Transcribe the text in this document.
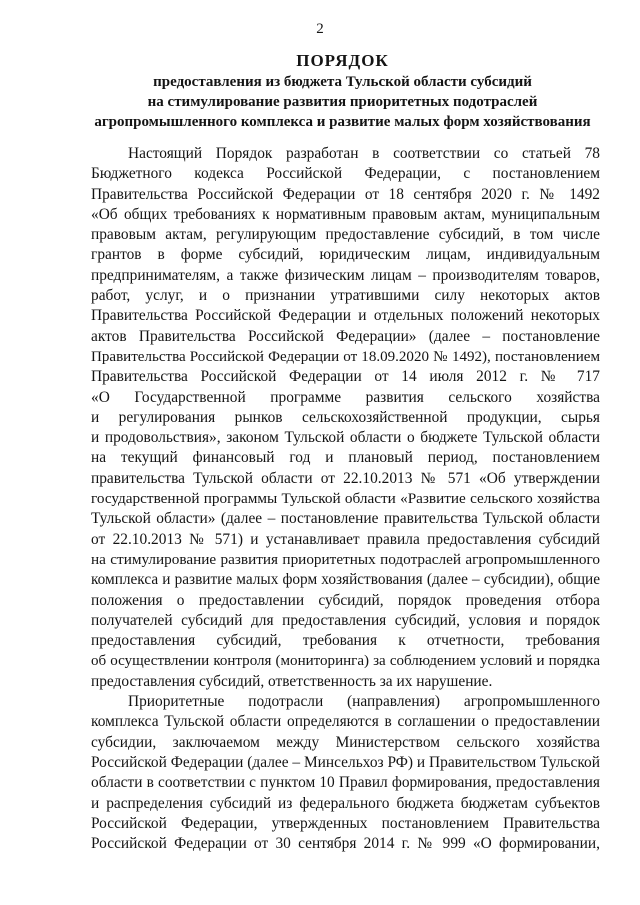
2
ПОРЯДОК
предоставления из бюджета Тульской области субсидий
на стимулирование развития приоритетных подотраслей
агропромышленного комплекса и развитие малых форм хозяйствования
Настоящий Порядок разработан в соответствии со статьей 78
Бюджетного кодекса Российской Федерации, с постановлением
Правительства Российской Федерации от 18 сентября 2020 г. № 1492
«Об общих требованиях к нормативным правовым актам, муниципальным
правовым актам, регулирующим предоставление субсидий, в том числе
грантов в форме субсидий, юридическим лицам, индивидуальным
предпринимателям, а также физическим лицам – производителям товаров,
работ, услуг, и о признании утратившими силу некоторых актов
Правительства Российской Федерации и отдельных положений некоторых
актов Правительства Российской Федерации» (далее – постановление
Правительства Российской Федерации от 18.09.2020 № 1492), постановлением
Правительства Российской Федерации от 14 июля 2012 г. № 717
«О Государственной программе развития сельского хозяйства
и регулирования рынков сельскохозяйственной продукции, сырья
и продовольствия», законом Тульской области о бюджете Тульской области
на текущий финансовый год и плановый период, постановлением
правительства Тульской области от 22.10.2013 № 571 «Об утверждении
государственной программы Тульской области «Развитие сельского хозяйства
Тульской области» (далее – постановление правительства Тульской области
от 22.10.2013 № 571) и устанавливает правила предоставления субсидий
на стимулирование развития приоритетных подотраслей агропромышленного
комплекса и развитие малых форм хозяйствования (далее – субсидии), общие
положения о предоставлении субсидий, порядок проведения отбора
получателей субсидий для предоставления субсидий, условия и порядок
предоставления субсидий, требования к отчетности, требования
об осуществлении контроля (мониторинга) за соблюдением условий и порядка
предоставления субсидий, ответственность за их нарушение.
Приоритетные подотрасли (направления) агропромышленного
комплекса Тульской области определяются в соглашении о предоставлении
субсидии, заключаемом между Министерством сельского хозяйства
Российской Федерации (далее – Минсельхоз РФ) и Правительством Тульской
области в соответствии с пунктом 10 Правил формирования, предоставления
и распределения субсидий из федерального бюджета бюджетам субъектов
Российской Федерации, утвержденных постановлением Правительства
Российской Федерации от 30 сентября 2014 г. № 999 «О формировании,
